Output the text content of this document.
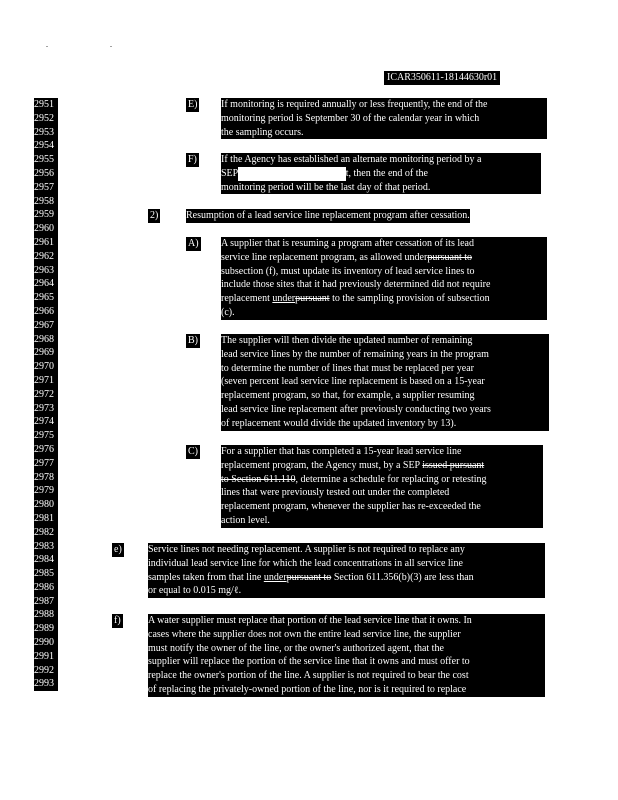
. .
ICAR350611-18144630r01
2951
2952
2953
2954
2955
2956
2957
2958
2959
2960
2961
2962
2963
2964
2965
2966
2967
2968
2969
2970
2971
2972
2973
2974
2975
2976
2977
2978
2979
2980
2981
2982
2983
2984
2985
2986
2987
2988
2989
2990
2991
2992
2993
E) If monitoring is required annually or less frequently, the end of the
monitoring period is September 30 of the calendar year in which
the sampling occurs.
F) If the Agency has established an alternate monitoring period by a
SEP	t, then the end of the
monitoring period will be the last day of that period.
2)	Resumption of a lead service line replacement program after cessation.
A) A supplier that is resuming a program after cessation of its lead
service line replacement program, as allowed underpursuant to
subsection (f), must update its inventory of lead service lines to
include those sites that it had previously determined did not require
replacement underpursuant to the sampling provision of subsection
(c).
B) The supplier will then divide the updated number of remaining
lead service lines by the number of remaining years in the program
to determine the number of lines that must be replaced per year
(seven percent lead service line replacement is based on a 15-year
replacement program, so that, for example, a supplier resuming
lead service line replacement after previously conducting two years
of replacement would divide the updated inventory by 13).
C) For a supplier that has completed a 15-year lead service line
replacement program, the Agency must, by a SEP issued pursuant
to Section 611.110, determine a schedule for replacing or retesting
lines that were previously tested out under the completed
replacement program, whenever the supplier has re-exceeded the
action level.
e)	Service lines not needing replacement. A supplier is not required to replace any
individual lead service line for which the lead concentrations in all service line
samples taken from that line underpursuant to Section 611.356(b)(3) are less than
or equal to 0.015 mg/ℓ.
f)	A water supplier must replace that portion of the lead service line that it owns. In
cases where the supplier does not own the entire lead service line, the supplier
must notify the owner of the line, or the owner's authorized agent, that the
supplier will replace the portion of the service line that it owns and must offer to
replace the owner's portion of the line. A supplier is not required to bear the cost
of replacing the privately-owned portion of the line, nor is it required to replace
